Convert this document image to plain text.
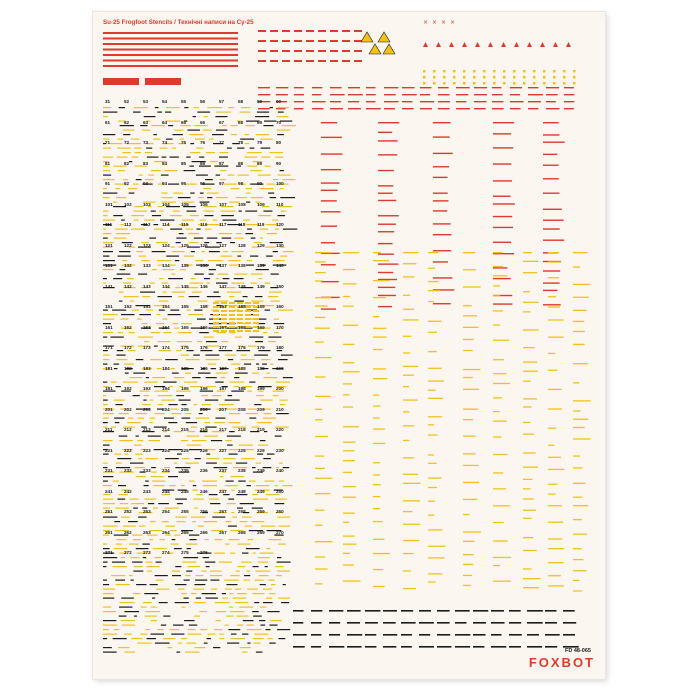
× × × ×
Su-25 Frogfoot Stencils / Технічні написи на Су-25
31	52	53	54	55	56	57	58	59	60
61	62	63	64	65	66	67	68	69	70
71	72	73	74	75	76	77	78	79	80
81	82	83	84	85	86	87	88	89	90
91	92	93	94	95	96	97	98	99	100
101 102 103 104 105 106 107 108 109 110
111	112	113	114	115	116	117	118	119	120
121 122 123 124 125 126 127 128 129 130
131 132 133 134 135 136 137 138 139 140
141 142 143 144 145 146 147 148 149 150
151 152 153 154 155 156 157 158 159 160
161 162 163 164 165 166 167 168 169 170
171 172 173 174 175 176 177 178 179 180
181 182 183 184 185 186 187 188 189 190
191 192 193 194 195 196 197 198 199 200
201 202 203 204 205 206 207 208 209 210
211	212 213 214 215 216 217 218 219 220
221 222 223 224 225 226 227 228 229 230
231 232 233 234 235 236 237 238 239 240
241 242 243 244 245 246 247 248 249 250
251 252 253 254 255 256 257 258 259 260
261 262 263 264 265 266 267 268 269 270
271 272 273 274 275 276
FD 48-065
FOXBOT
